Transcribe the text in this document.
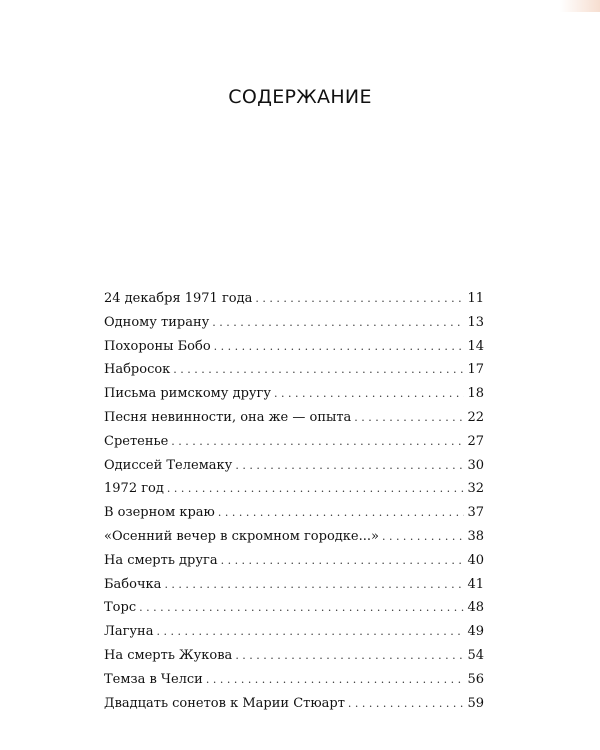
СОДЕРЖАНИЕ
24 декабря 1971 года . . .	11
Одному тирану . . .	13
Похороны Бобо . . .	14
Набросок . . .	17
Письма римскому другу . . .	18
Песня невинности, она же — опыта . . .	22
Сретенье . . .	27
Одиссей Телемаку . . .	30
1972 год . . .	32
В озерном краю . . .	37
«Осенний вечер в скромном городке...» . . .	38
На смерть друга . . .	40
Бабочка . . .	41
Торс . . .	48
Лагуна . . .	49
На смерть Жукова . . .	54
Темза в Челси . . .	56
Двадцать сонетов к Марии Стюарт . . .	59
